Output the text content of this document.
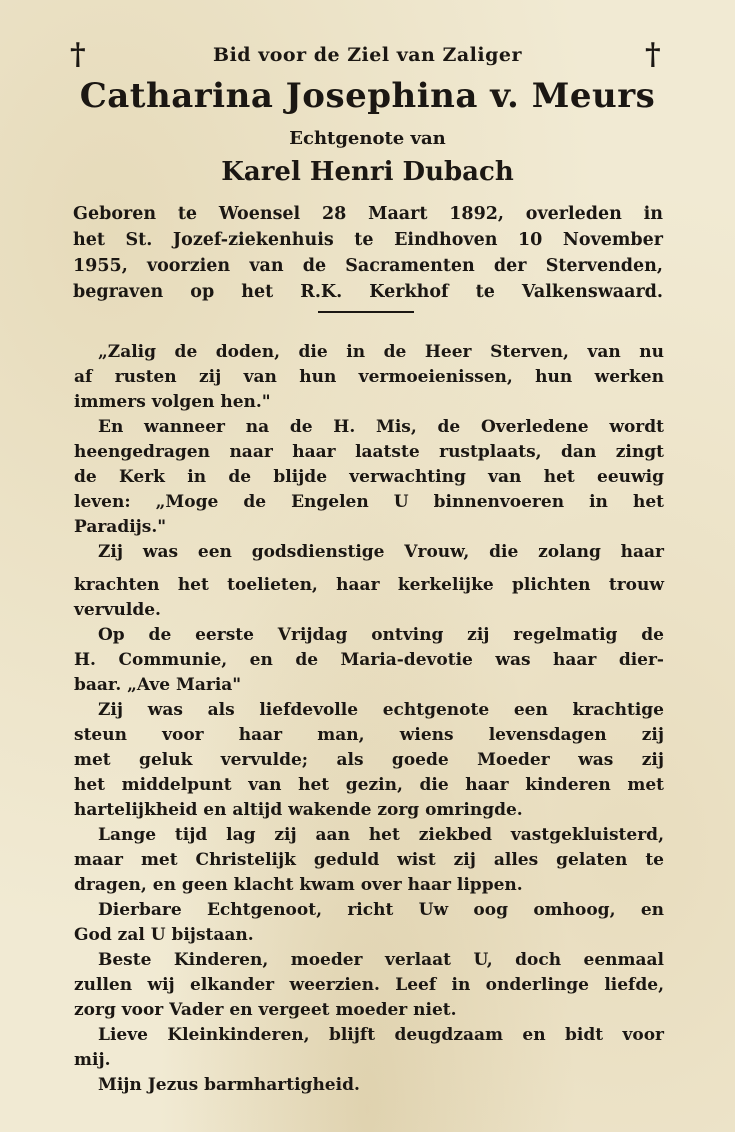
†	†
Bid voor de Ziel van Zaliger
Catharina Josephina v. Meurs
Echtgenote van
Karel Henri Dubach
Geboren te Woensel 28 Maart 1892, overleden in
het St. Jozef-ziekenhuis te Eindhoven 10 November
1955, voorzien van de Sacramenten der Stervenden,
begraven op het R.K. Kerkhof te Valkenswaard.
„Zalig de doden, die in de Heer Sterven, van nu
af rusten zij van hun vermoeienissen, hun werken
immers volgen hen."
En wanneer na de H. Mis, de Overledene wordt
heengedragen naar haar laatste rustplaats, dan zingt
de Kerk in de blijde verwachting van het eeuwig
leven: „Moge de Engelen U binnenvoeren in het
Paradijs."
Zij was een godsdienstige Vrouw, die zolang haar
krachten het toelieten, haar kerkelijke plichten trouw
vervulde.
Op de eerste Vrijdag ontving zij regelmatig de
H. Communie, en de Maria-devotie was haar dier-
baar. „Ave Maria"
Zij was als liefdevolle echtgenote een krachtige
steun voor haar man, wiens levensdagen zij
met geluk vervulde; als goede Moeder was zij
het middelpunt van het gezin, die haar kinderen met
hartelijkheid en altijd wakende zorg omringde.
Lange tijd lag zij aan het ziekbed vastgekluisterd,
maar met Christelijk geduld wist zij alles gelaten te
dragen, en geen klacht kwam over haar lippen.
Dierbare Echtgenoot, richt Uw oog omhoog, en
God zal U bijstaan.
Beste Kinderen, moeder verlaat U, doch eenmaal
zullen wij elkander weerzien. Leef in onderlinge liefde,
zorg voor Vader en vergeet moeder niet.
Lieve Kleinkinderen, blijft deugdzaam en bidt voor
mij.
Mijn Jezus barmhartigheid.
